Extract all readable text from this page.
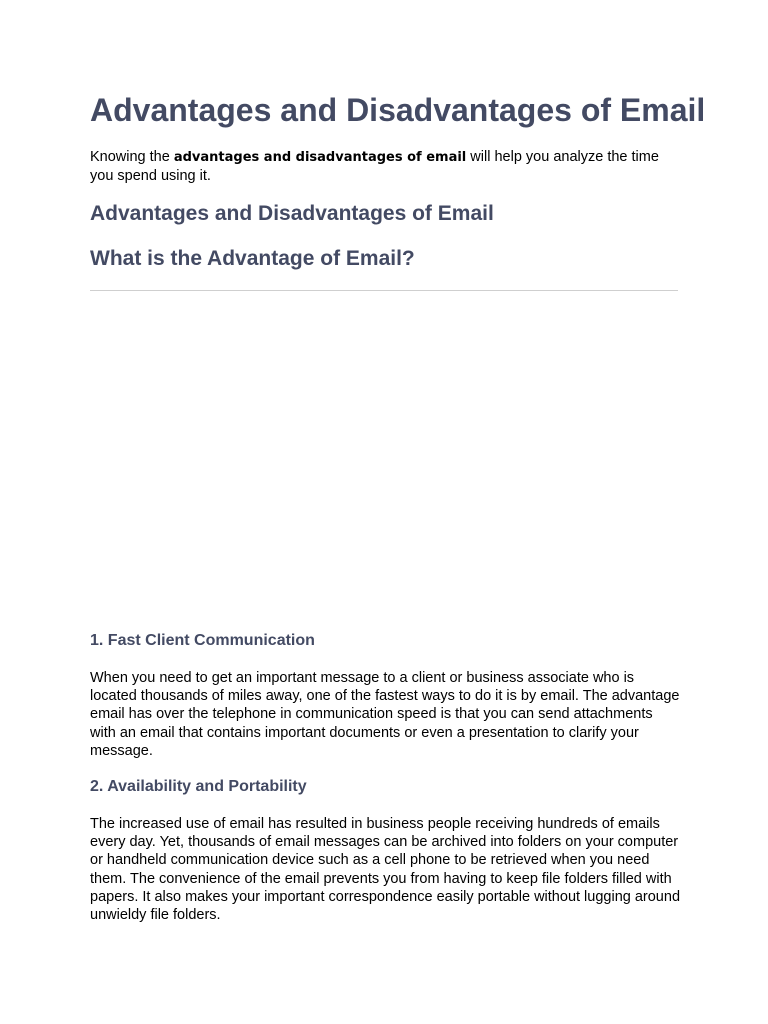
Advantages and Disadvantages of Email

Knowing the advantages and disadvantages of email will help you analyze the time you spend using it.

Advantages and Disadvantages of Email
What is the Advantage of Email?
1. Fast Client Communication

When you need to get an important message to a client or business associate who is located thousands of miles away, one of the fastest ways to do it is by email. The advantage email has over the telephone in communication speed is that you can send attachments with an email that contains important documents or even a presentation to clarify your message.

2. Availability and Portability

The increased use of email has resulted in business people receiving hundreds of emails every day. Yet, thousands of email messages can be archived into folders on your computer or handheld communication device such as a cell phone to be retrieved when you need them. The convenience of the email prevents you from having to keep file folders filled with papers. It also makes your important correspondence easily portable without lugging around unwieldy file folders.
